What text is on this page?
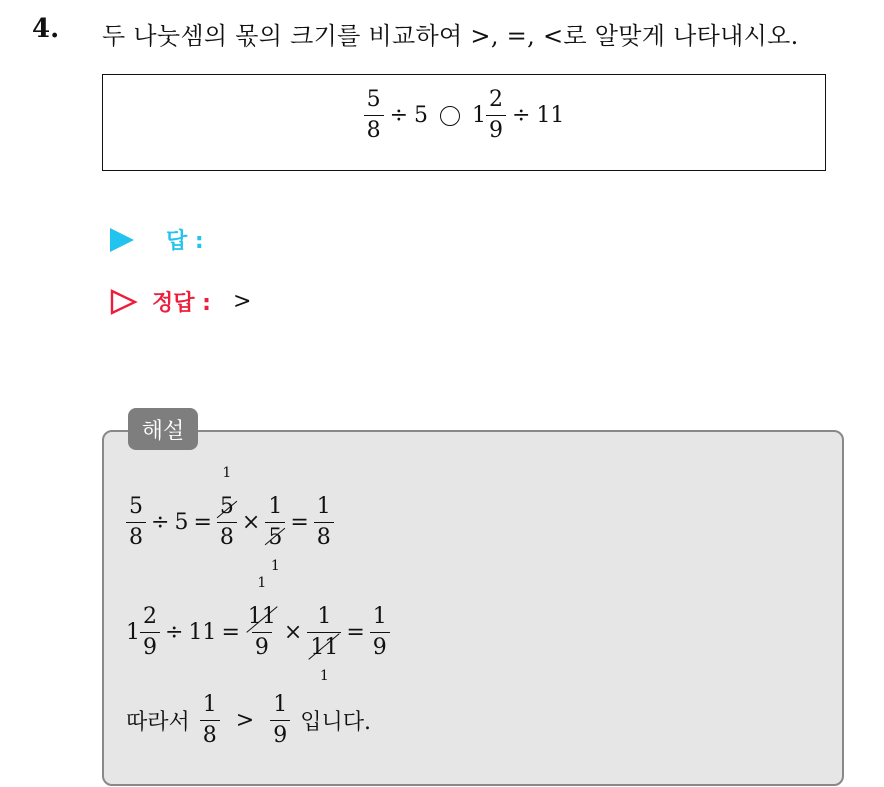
4. 두 나눗셈의 몫의 크기를 비교하여 >, =, <로 알맞게 나타내시오.
$\frac{5}{8} \div 5$ $1 \frac{2}{9} \div 11$
답 :
정답 : >
해설
$\frac{5}{8} \div 5 = 5$
1
8 × 1
5
$1 = \frac{1}{8}$
$1 \frac{2}{9} \div 11 = 11$
1
9 × 1
11
$1 = \frac{1}{9}$
따라서 $\frac{1}{8} > \frac{1}{9}$ 입니다.
